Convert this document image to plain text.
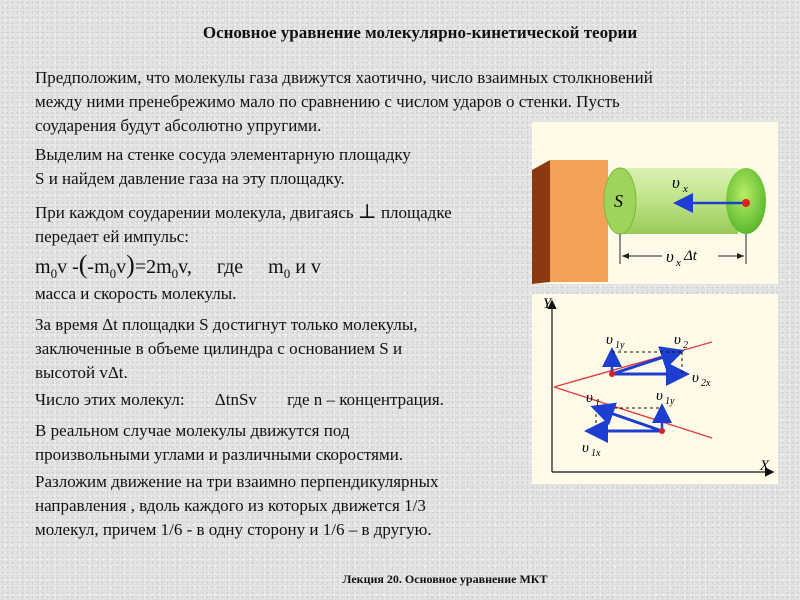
Основное уравнение молекулярно-кинетической теории
Предположим, что молекулы газа движутся хаотично, число взаимных столкновений
между ними пренебрежимо мало по сравнению с числом ударов о стенки. Пусть
соударения будут абсолютно упругими.
Выделим на стенке сосуда элементарную площадку
S и найдем давление газа на эту площадку.
При каждом соударении молекула, двигаясь ⊥ площадке
передает ей импульс:
$m_0v$ $-(-m_0v)=2m_0v$, где $m_0$ и v
масса и скорость молекулы.
За время Δt площадки S достигнут только молекулы,
заключенные в объеме цилиндра с основанием S и
высотой vΔt.
Число этих молекул: ΔtnSv где n – концентрация.
В реальном случае молекулы движутся под
произвольными углами и различными скоростями.
Разложим движение на три взаимно перпендикулярных
направления , вдоль каждого из которых движется 1/3
молекул, причем 1/6 - в одну сторону и 1/6 – в другую.
S
υ x
υ x Δt
Y
X
υ 1y	υ 2
υ 2x
υ 1	υ 1y
υ 1x
Лекция 20. Основное уравнение МКТ
